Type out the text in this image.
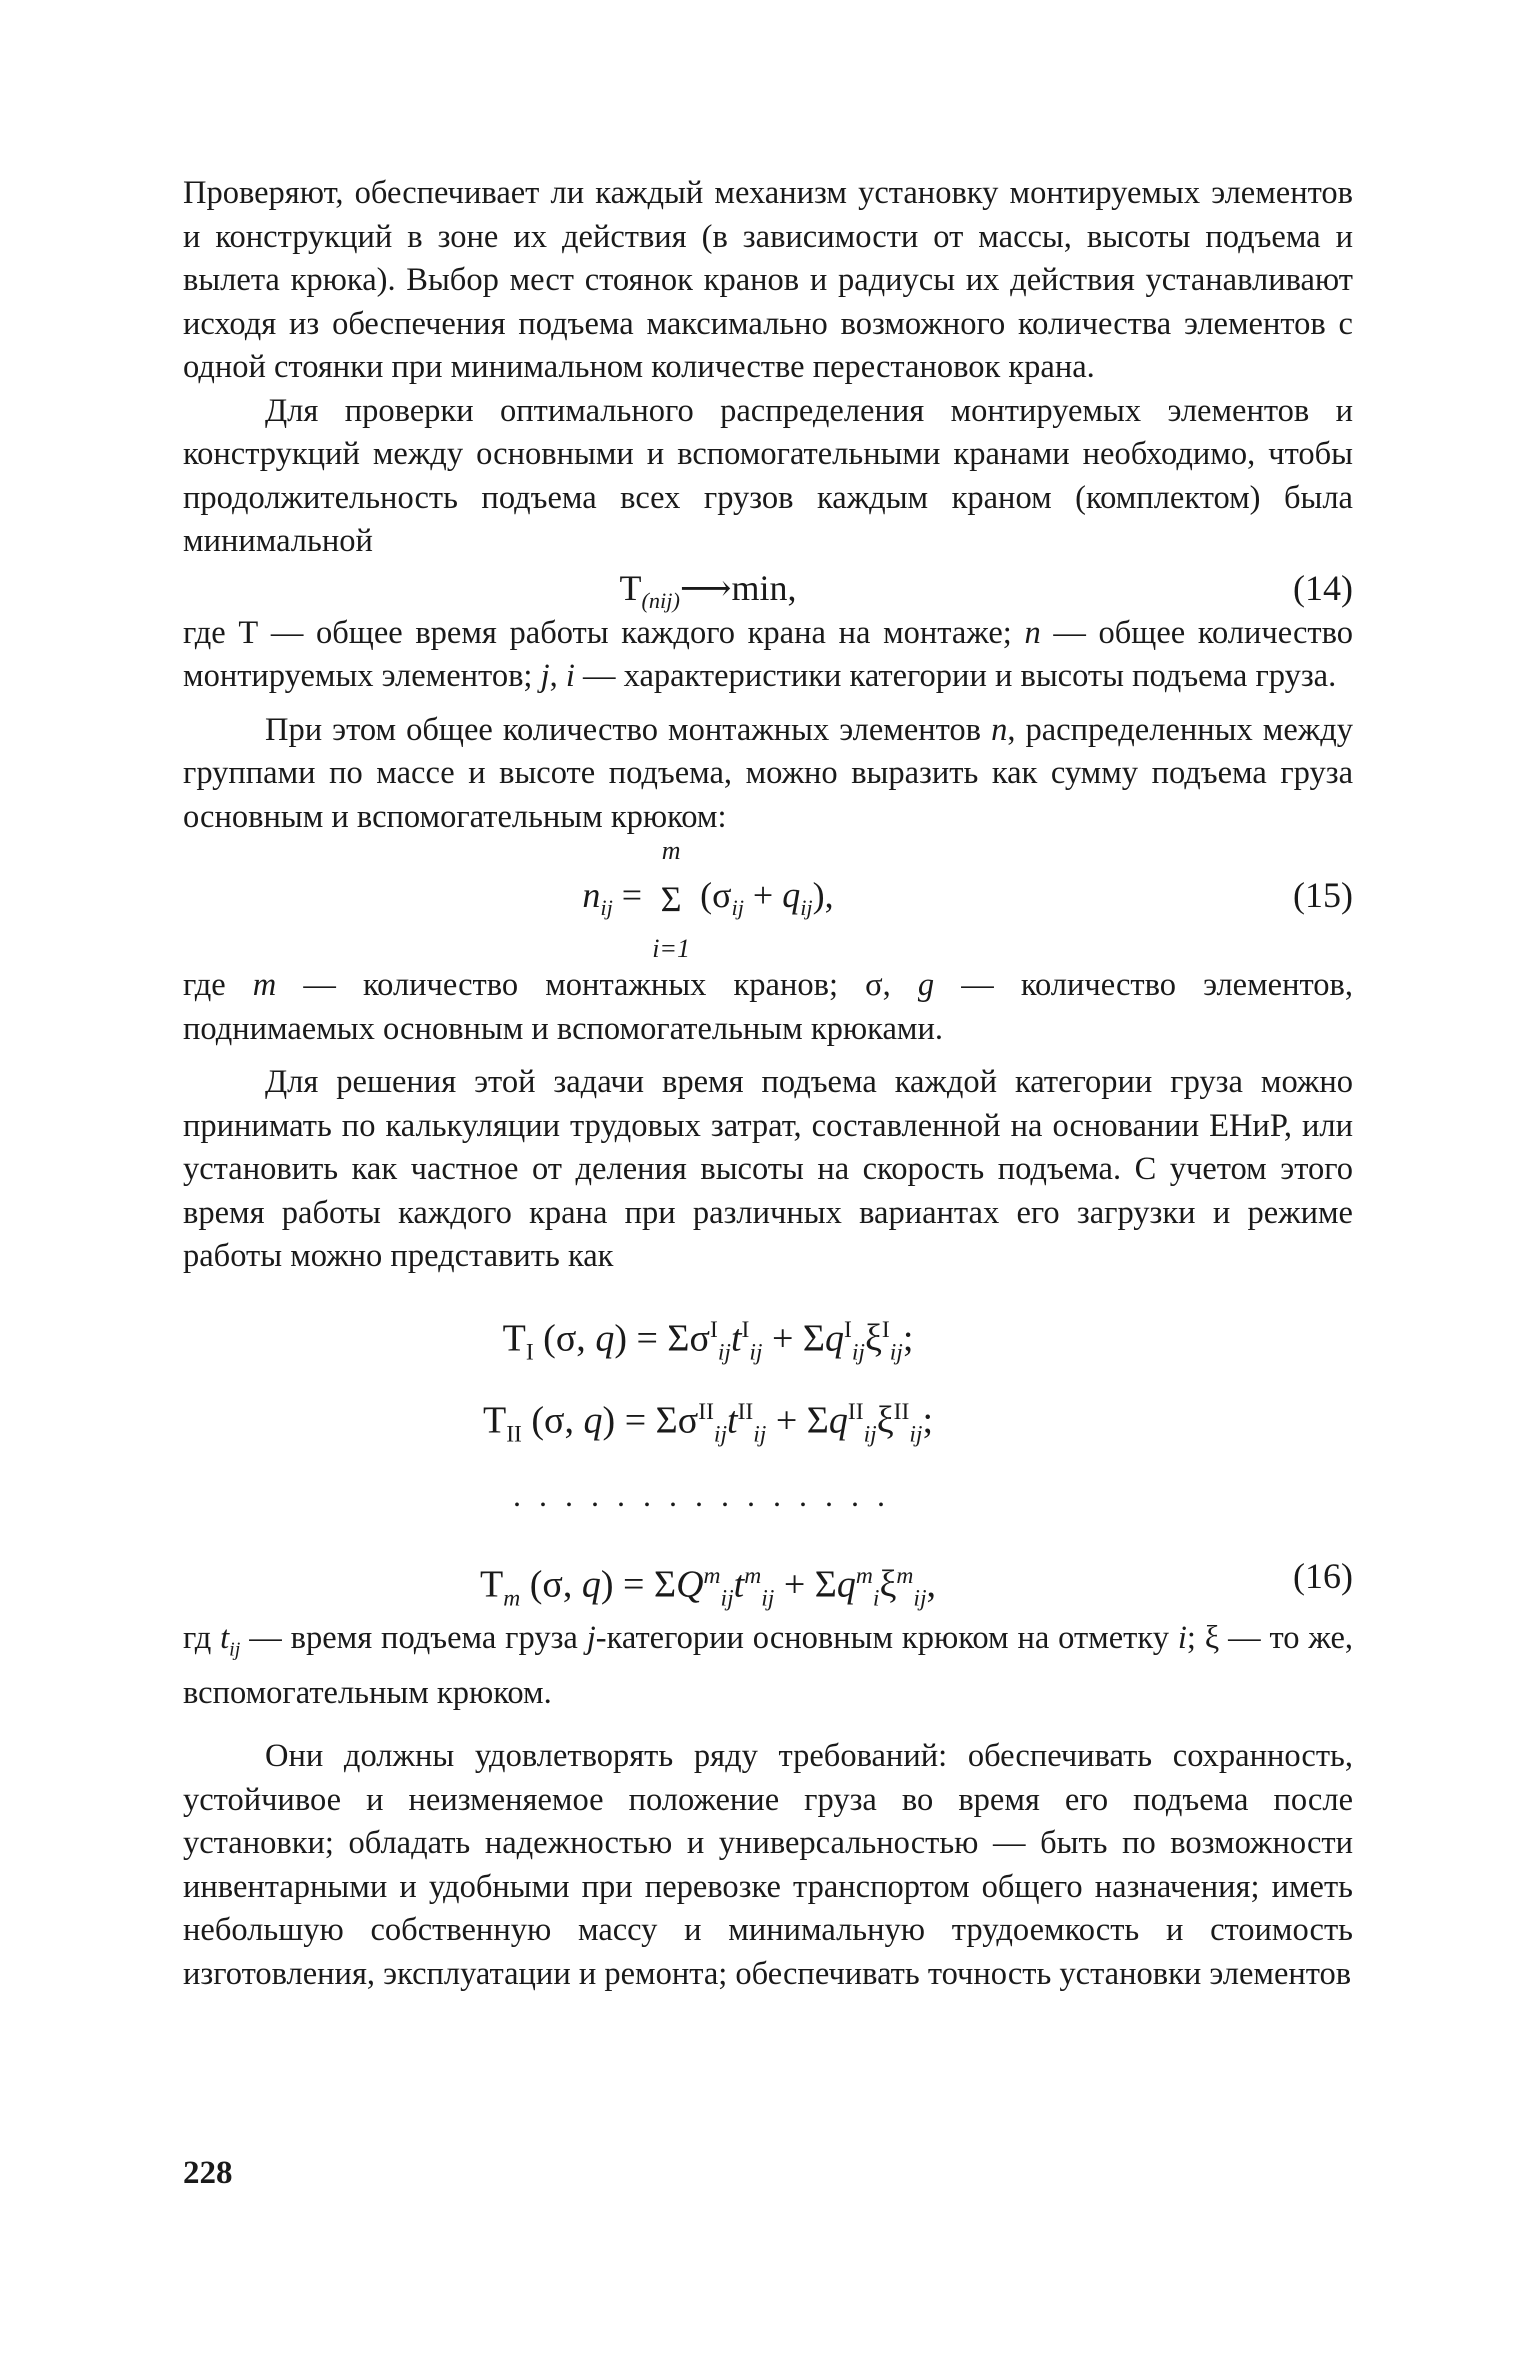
Проверяют, обеспечивает ли каждый механизм установку монтируемых элементов и конструкций в зоне их действия (в зависимости от массы, высоты подъема и вылета крюка). Выбор мест стоянок кранов и радиусы их действия устанавливают исходя из обеспечения подъема максимально возможного количества элементов с одной стоянки при минимальном количестве перестановок крана.

Для проверки оптимального распределения монтируемых элементов и конструкций между основными и вспомогательными кранами необходимо, чтобы продолжительность подъема всех грузов каждым краном (комплектом) была минимальной

$Т_{(nij)}⟶\min$,	(14)

где Т — общее время работы каждого крана на монтаже; n — общее количество монтируемых элементов; j, i — характеристики категории и высоты подъема груза.

При этом общее количество монтажных элементов n, распределенных между группами по массе и высоте подъема, можно выразить как сумму подъема груза основным и вспомогательным крюком:

$n_{ij}$ =
m
Σ
i=1
$(\sigma_{ij} + q_{ij})$,	(15)

где m — количество монтажных кранов; σ, g — количество элементов, поднимаемых основным и вспомогательным крюками.

Для решения этой задачи время подъема каждой категории груза можно принимать по калькуляции трудовых затрат, составленной на основании ЕНиР, или установить как частное от деления высоты на скорость подъема. С учетом этого время работы каждого крана при различных вариантах его загрузки и режиме работы можно представить как

$Т_I$ (σ, $q) = \Sigma\sigma^I_{ij}t^I_{ij} + \Sigma q^I_{ij}\xi^I_{ij}$;
$Т_{II}$ (σ, $q) = \Sigma\sigma^{II}_{ij}t^{II}_{ij} + \Sigma q^{II}_{ij}\xi^{II}_{ij}$;
...............
$Т_m$ (σ, $q) = \Sigma Q^m_{ij}t^m_{ij} + \Sigma q^m_i\xi^m_{ij}$,	(16)

гд $t_{ij}$ — время подъема груза j-категории основным крюком на отметку i; ξ — то же, вспомогательным крюком.

Они должны удовлетворять ряду требований: обеспечивать сохранность, устойчивое и неизменяемое положение груза во время его подъема после установки; обладать надежностью и универсальностью — быть по возможности инвентарными и удобными при перевозке транспортом общего назначения; иметь небольшую собственную массу и минимальную трудоемкость и стоимость изготовления, эксплуатации и ремонта; обеспечивать точность установки элементов

228
